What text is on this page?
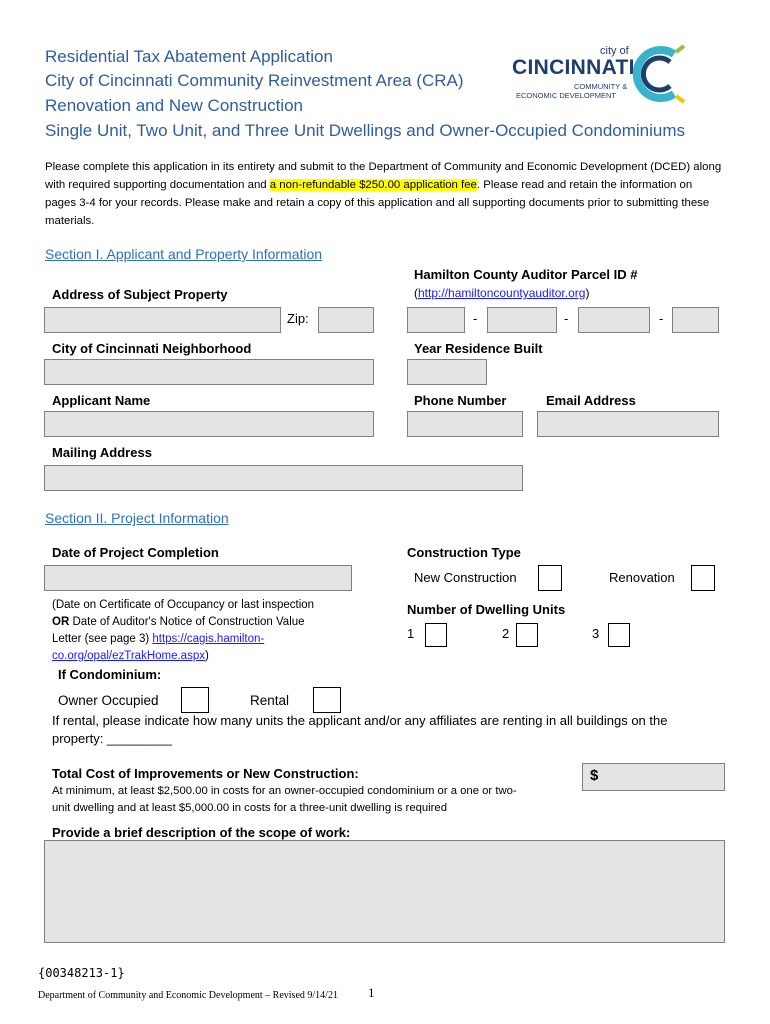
Residential Tax Abatement Application
City of Cincinnati Community Reinvestment Area (CRA)
Renovation and New Construction
Single Unit, Two Unit, and Three Unit Dwellings and Owner-Occupied Condominiums
city of
CINCINNATI
COMMUNITY &
ECONOMIC DEVELOPMENT
Please complete this application in its entirety and submit to the Department of Community and Economic Development (DCED) along with required supporting documentation and a non-refundable $250.00 application fee. Please read and retain the information on pages 3-4 for your records. Please make and retain a copy of this application and all supporting documents prior to submitting these materials.
Section I. Applicant and Property Information
Hamilton County Auditor Parcel ID #
(http://hamiltoncountyauditor.org)
Address of Subject Property
Zip:	-	-	-
City of Cincinnati Neighborhood	Year Residence Built
Applicant Name	Phone Number	Email Address
Mailing Address
Section II. Project Information
Date of Project Completion	Construction Type
New Construction	Renovation
(Date on Certificate of Occupancy or last inspection
OR Date of Auditor's Notice of Construction Value
Letter (see page 3) https://cagis.hamilton-
co.org/opal/ezTrakHome.aspx)
Number of Dwelling Units
1	2	3
If Condominium:
Owner Occupied	Rental
If rental, please indicate how many units the applicant and/or any affiliates are renting in all buildings on the
property: _________
Total Cost of Improvements or New Construction:	$
At minimum, at least $2,500.00 in costs for an owner-occupied condominium or a one or two-
unit dwelling and at least $5,000.00 in costs for a three-unit dwelling is required
Provide a brief description of the scope of work:
{00348213-1}
Department of Community and Economic Development – Revised 9/14/21 1
